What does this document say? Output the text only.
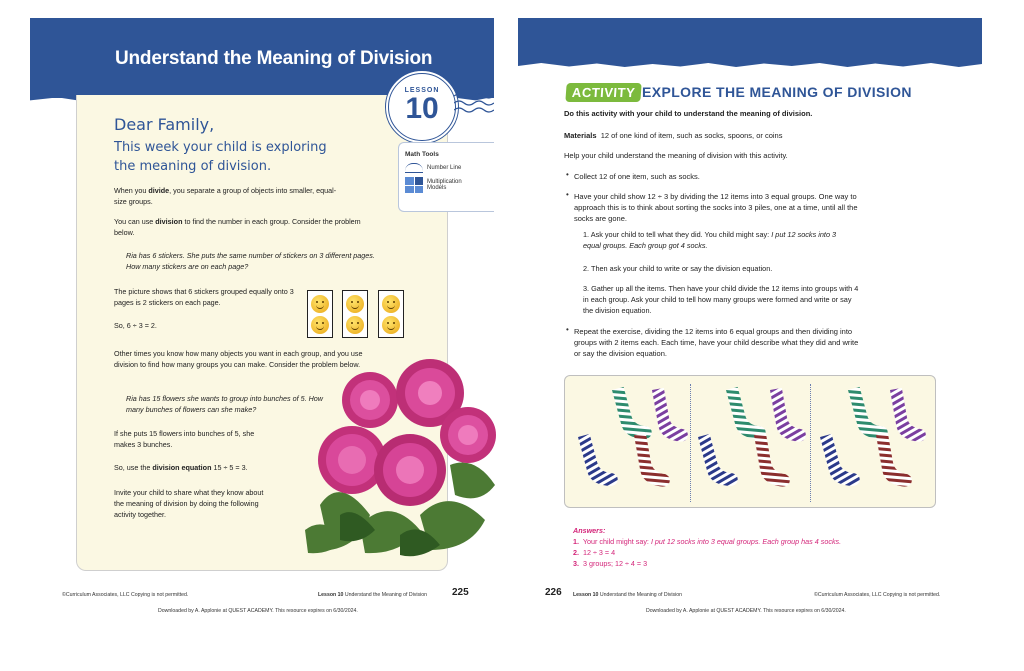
Understand the Meaning of Division
LESSON
10
Math Tools
Number Line
Multiplication Models
Dear Family,
This week your child is exploring the meaning of division.
When you divide, you separate a group of objects into smaller, equal-size groups.
You can use division to find the number in each group. Consider the problem below.
Ria has 6 stickers. She puts the same number of stickers on 3 different pages. How many stickers are on each page?
The picture shows that 6 stickers grouped equally onto 3 pages is 2 stickers on each page.
So, 6 ÷ 3 = 2.
Other times you know how many objects you want in each group, and you use division to find how many groups you can make. Consider the problem below.
Ria has 15 flowers she wants to group into bunches of 5. How many bunches of flowers can she make?
If she puts 15 flowers into bunches of 5, she makes 3 bunches.
So, use the division equation 15 ÷ 5 = 3.
Invite your child to share what they know about the meaning of division by doing the following activity together.
©Curriculum Associates, LLC Copying is not permitted.	Lesson 10 Understand the Meaning of Division 225
Downloaded by A. Applonie at QUEST ACADEMY. This resource expires on 6/30/2024.
ACTIVITY EXPLORE THE MEANING OF DIVISION
Do this activity with your child to understand the meaning of division.
Materials 12 of one kind of item, such as socks, spoons, or coins
Help your child understand the meaning of division with this activity.
• Collect 12 of one item, such as socks.
• Have your child show 12 ÷ 3 by dividing the 12 items into 3 equal groups. One way to approach this is to think about sorting the socks into 3 piles, one at a time, until all the socks are gone.
1. Ask your child to tell what they did. You child might say: I put 12 socks into 3 equal groups. Each group got 4 socks.
2. Then ask your child to write or say the division equation.
3. Gather up all the items. Then have your child divide the 12 items into groups with 4 in each group. Ask your child to tell how many groups were formed and write or say the division equation.
• Repeat the exercise, dividing the 12 items into 6 equal groups and then dividing into groups with 2 items each. Each time, have your child describe what they did and write or say the division equation.
Answers:
1. Your child might say: I put 12 socks into 3 equal groups. Each group has 4 socks.
2. 12 ÷ 3 = 4
3. 3 groups; 12 ÷ 4 = 3
226 Lesson 10 Understand the Meaning of Division	©Curriculum Associates, LLC Copying is not permitted.
Downloaded by A. Applonie at QUEST ACADEMY. This resource expires on 6/30/2024.
